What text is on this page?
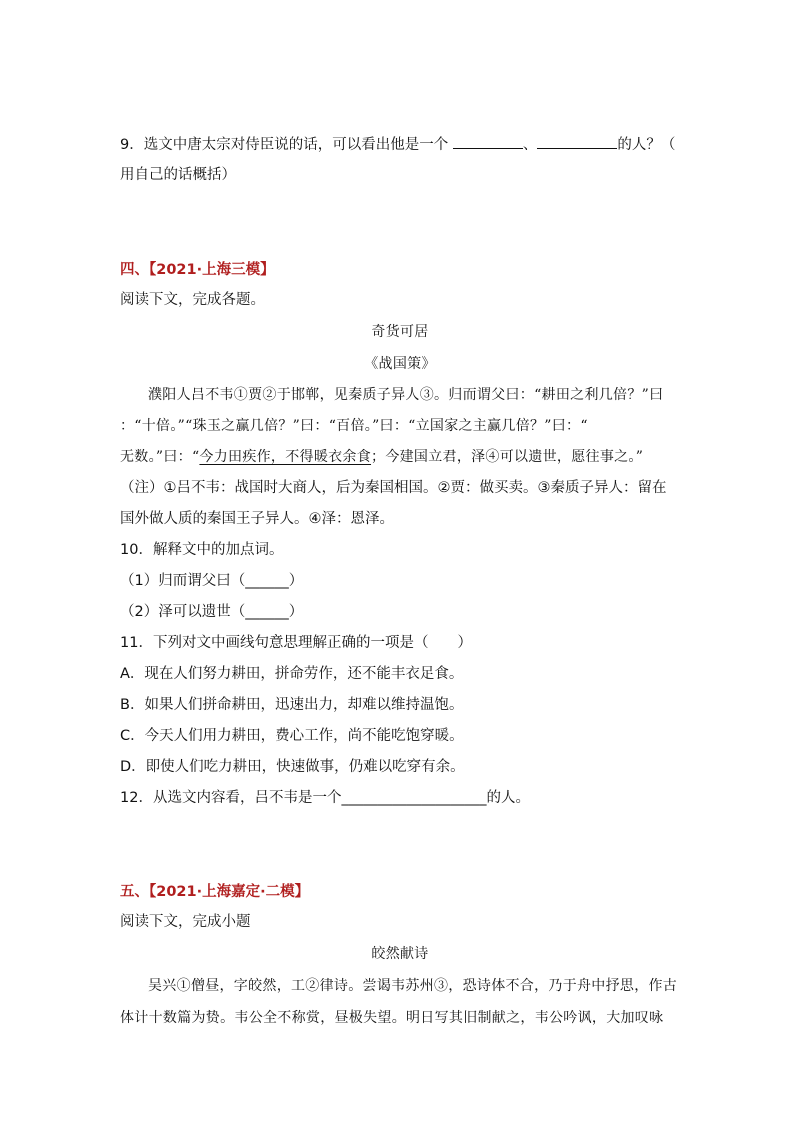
9．选文中唐太宗对侍臣说的话，可以看出他是一个	、	的人？（
用自己的话概括）
四、【2021·上海三模】
阅读下文，完成各题。
奇货可居
《战国策》
濮阳人吕不韦①贾②于邯郸，见秦质子异人③。归而谓父曰：“耕田之利几倍？”曰
：“十倍。”“珠玉之赢几倍？”曰：“百倍。”曰：“立国家之主赢几倍？”曰：“
无数。”曰：“今力田疾作，不得暖衣余食；今建国立君，泽④可以遗世，愿往事之。”
（注）①吕不韦：战国时大商人，后为秦国相国。②贾：做买卖。③秦质子异人：留在
国外做人质的秦国王子异人。④泽：恩泽。
10．解释文中的加点词。
（1）归而谓父曰（______）
（2）泽可以遗世（______）
11．下列对文中画线句意思理解正确的一项是（　　）
A．现在人们努力耕田，拼命劳作，还不能丰衣足食。
B．如果人们拼命耕田，迅速出力，却难以维持温饱。
C．今天人们用力耕田，费心工作，尚不能吃饱穿暖。
D．即使人们吃力耕田，快速做事，仍难以吃穿有余。
12．从选文内容看，吕不韦是一个____________________的人。
五、【2021·上海嘉定·二模】
阅读下文，完成小题
皎然献诗
吴兴①僧昼，字皎然，工②律诗。尝谒韦苏州③，恐诗体不合，乃于舟中抒思，作古
体计十数篇为贽。韦公全不称赏，昼极失望。明日写其旧制献之，韦公吟讽，大加叹咏
